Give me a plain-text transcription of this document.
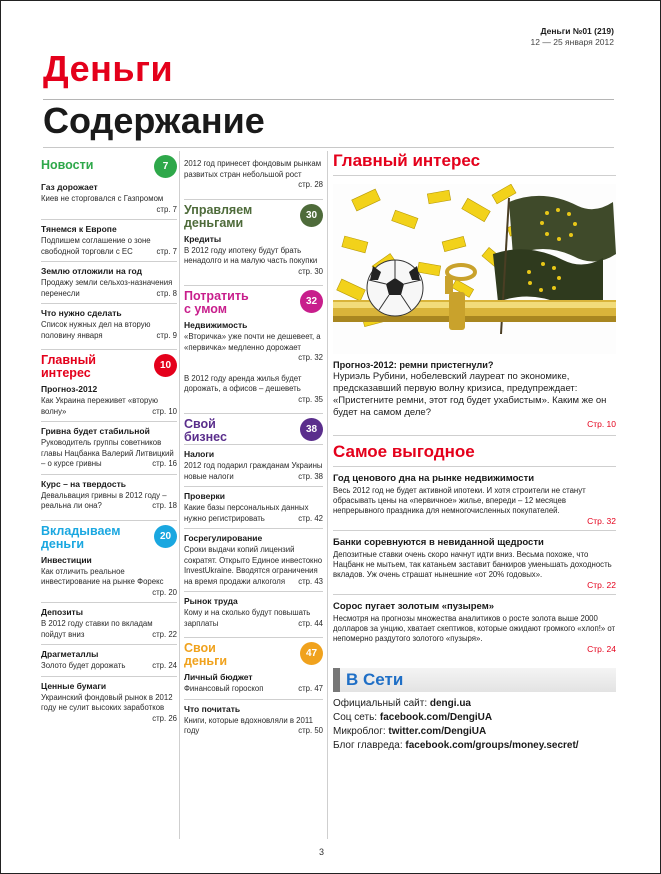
Деньги №01 (219)
12 — 25 января 2012
Деньги
Содержание
Новости	7
Газ дорожает
Киев не сторговался с Газпромом
стр. 7
Тянемся к Европе
Подпишем соглашение о зоне свободной торговли с ЕС	стр. 7
Землю отложили на год
Продажу земли сельхоз-назначения перенесли	стр. 8
Что нужно сделать
Список нужных дел на вторую половину января	стр. 9
Главный
интерес
10
Прогноз-2012
Как Украина переживет «вторую волну»	стр. 10
Гривна будет стабильной
Руководитель группы советников главы Нацбанка Валерий Литвицкий – о курсе гривны	стр. 16
Курс – на твердость
Девальвация гривны в 2012 году – реальна ли она?	стр. 18
Вкладываем
деньги
20
Инвестиции
Как отличить реальное инвестирование на рынке Форекс
стр. 20
Депозиты
В 2012 году ставки по вкладам пойдут вниз	стр. 22
Драгметаллы
Золото будет дорожать	стр. 24
Ценные бумаги
Украинский фондовый рынок в 2012 году не сулит высоких заработков
стр. 26
2012 год принесет фондовым рынкам развитых стран небольшой рост
стр. 28
Управляем
деньгами
30
Кредиты
В 2012 году ипотеку будут брать ненадолго и на малую часть покупки
стр. 30
Потратить
с умом
32
Недвижимость
«Вторичка» уже почти не дешевеет, а «первичка» медленно дорожает
стр. 32
В 2012 году аренда жилья будет дорожать, а офисов – дешеветь
стр. 35
Свой
бизнес
38
Налоги
2012 год подарил гражданам Украины новые налоги	стр. 38
Проверки
Какие базы персональных данных нужно регистрировать	стр. 42
Госрегулирование
Сроки выдачи копий лицензий сократят. Открыто Единое инвестокно InvestUkraine. Вводятся ограничения на время продажи алкоголя стр. 43
Рынок труда
Кому и на сколько будут повышать зарплаты	стр. 44
Свои
деньги
47
Личный бюджет
Финансовый гороскоп	стр. 47
Что почитать
Книги, которые вдохновляли в 2011 году	стр. 50
Главный интерес
Прогноз-2012: ремни пристегнули?
Нуриэль Рубини, нобелевский лауреат по экономике, предсказавший первую волну кризиса, предупреждает: «Пристегните ремни, этот год будет ухабистым». Каким же он будет на самом деле?
Стр. 10
Самое выгодное
Год ценового дна на рынке недвижимости
Весь 2012 год не будет активной ипотеки. И хотя строители не станут обрасывать цены на «первичное» жилье, впереди – 12 месяцев непрерывного праздника для немногочисленных покупателей.
Стр. 32
Банки соревнуются в невиданной щедрости
Депозитные ставки очень скоро начнут идти вниз. Весьма похоже, что Нацбанк не мытьем, так катаньем заставит банкиров уменьшать доходность вкладов. Уж очень страшат нынешние «от 20% годовых».
Стр. 22
Сорос пугает золотым «пузырем»
Несмотря на прогнозы множества аналитиков о росте золота выше 2000 долларов за унцию, хватает скептиков, которые ожидают громкого «хлоп!» от непомерно раздутого золотого «пузыря».
Стр. 24
В Сети
Официальный сайт: dengi.ua
Соц сеть: facebook.com/DengiUA
Микроблог: twitter.com/DengiUA
Блог главреда: facebook.com/groups/money.secret/
3
